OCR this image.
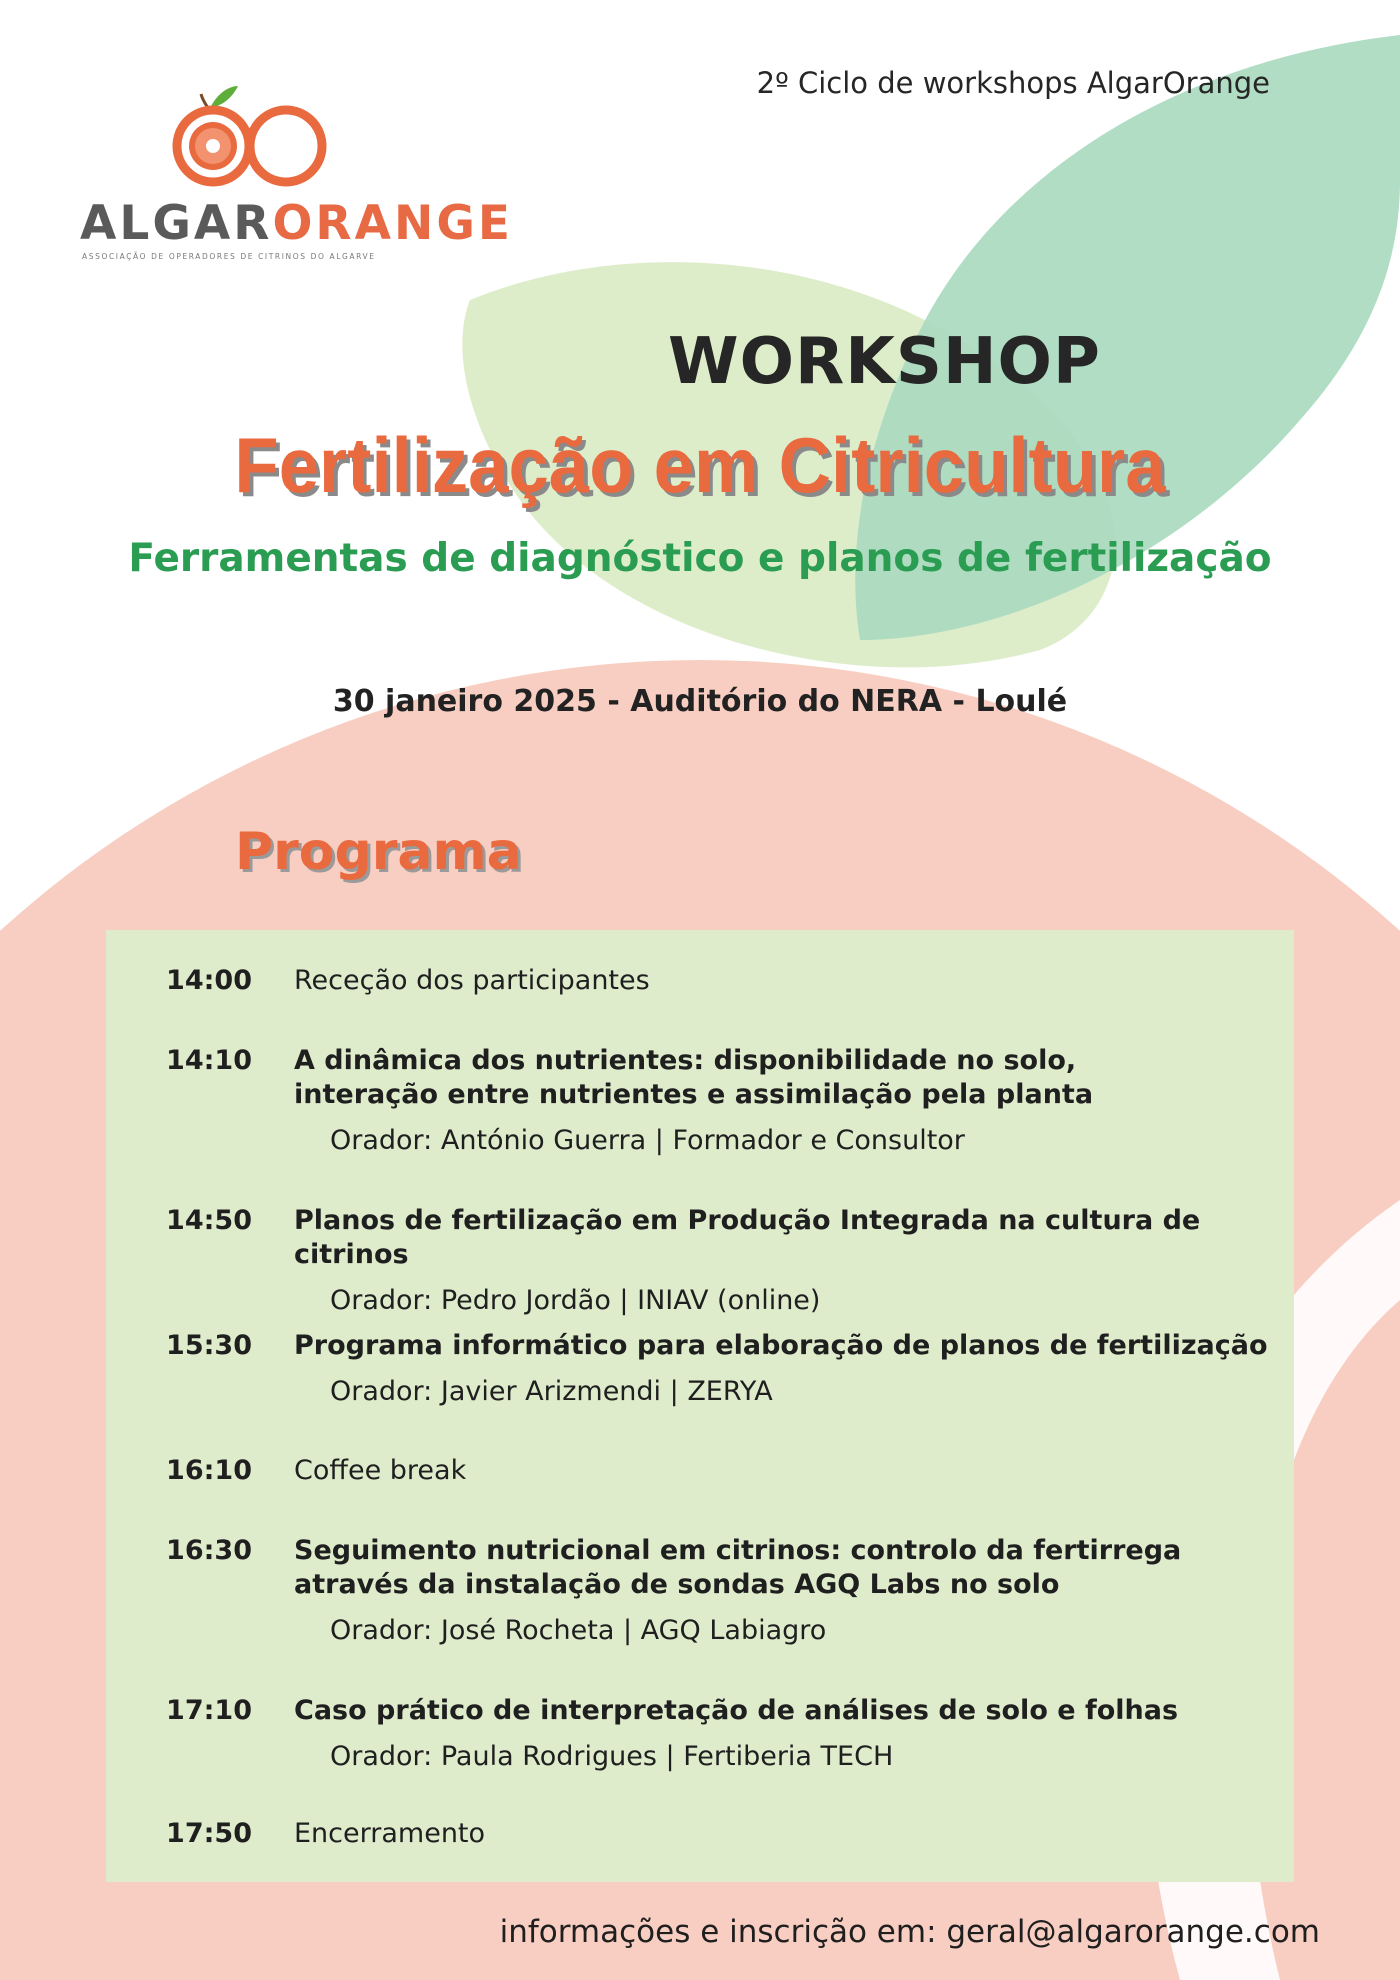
ALGARORANGE
ASSOCIAÇÃO DE OPERADORES DE CITRINOS DO ALGARVE
2º Ciclo de workshops AlgarOrange
WORKSHOP
Fertilização em Citricultura
Ferramentas de diagnóstico e planos de fertilização
30 janeiro 2025 - Auditório do NERA - Loulé
Programa
14:00 Receção dos participantes
14:10 A dinâmica dos nutrientes: disponibilidade no solo,
interação entre nutrientes e assimilação pela planta
Orador: António Guerra | Formador e Consultor
14:50 Planos de fertilização em Produção Integrada na cultura de citrinos
Orador: Pedro Jordão | INIAV (online)
15:30 Programa informático para elaboração de planos de fertilização
Orador: Javier Arizmendi | ZERYA
16:10 Coffee break
16:30 Seguimento nutricional em citrinos: controlo da fertirrega
através da instalação de sondas AGQ Labs no solo
Orador: José Rocheta | AGQ Labiagro
17:10 Caso prático de interpretação de análises de solo e folhas
Orador: Paula Rodrigues | Fertiberia TECH
17:50 Encerramento
informações e inscrição em: geral@algarorange.com
